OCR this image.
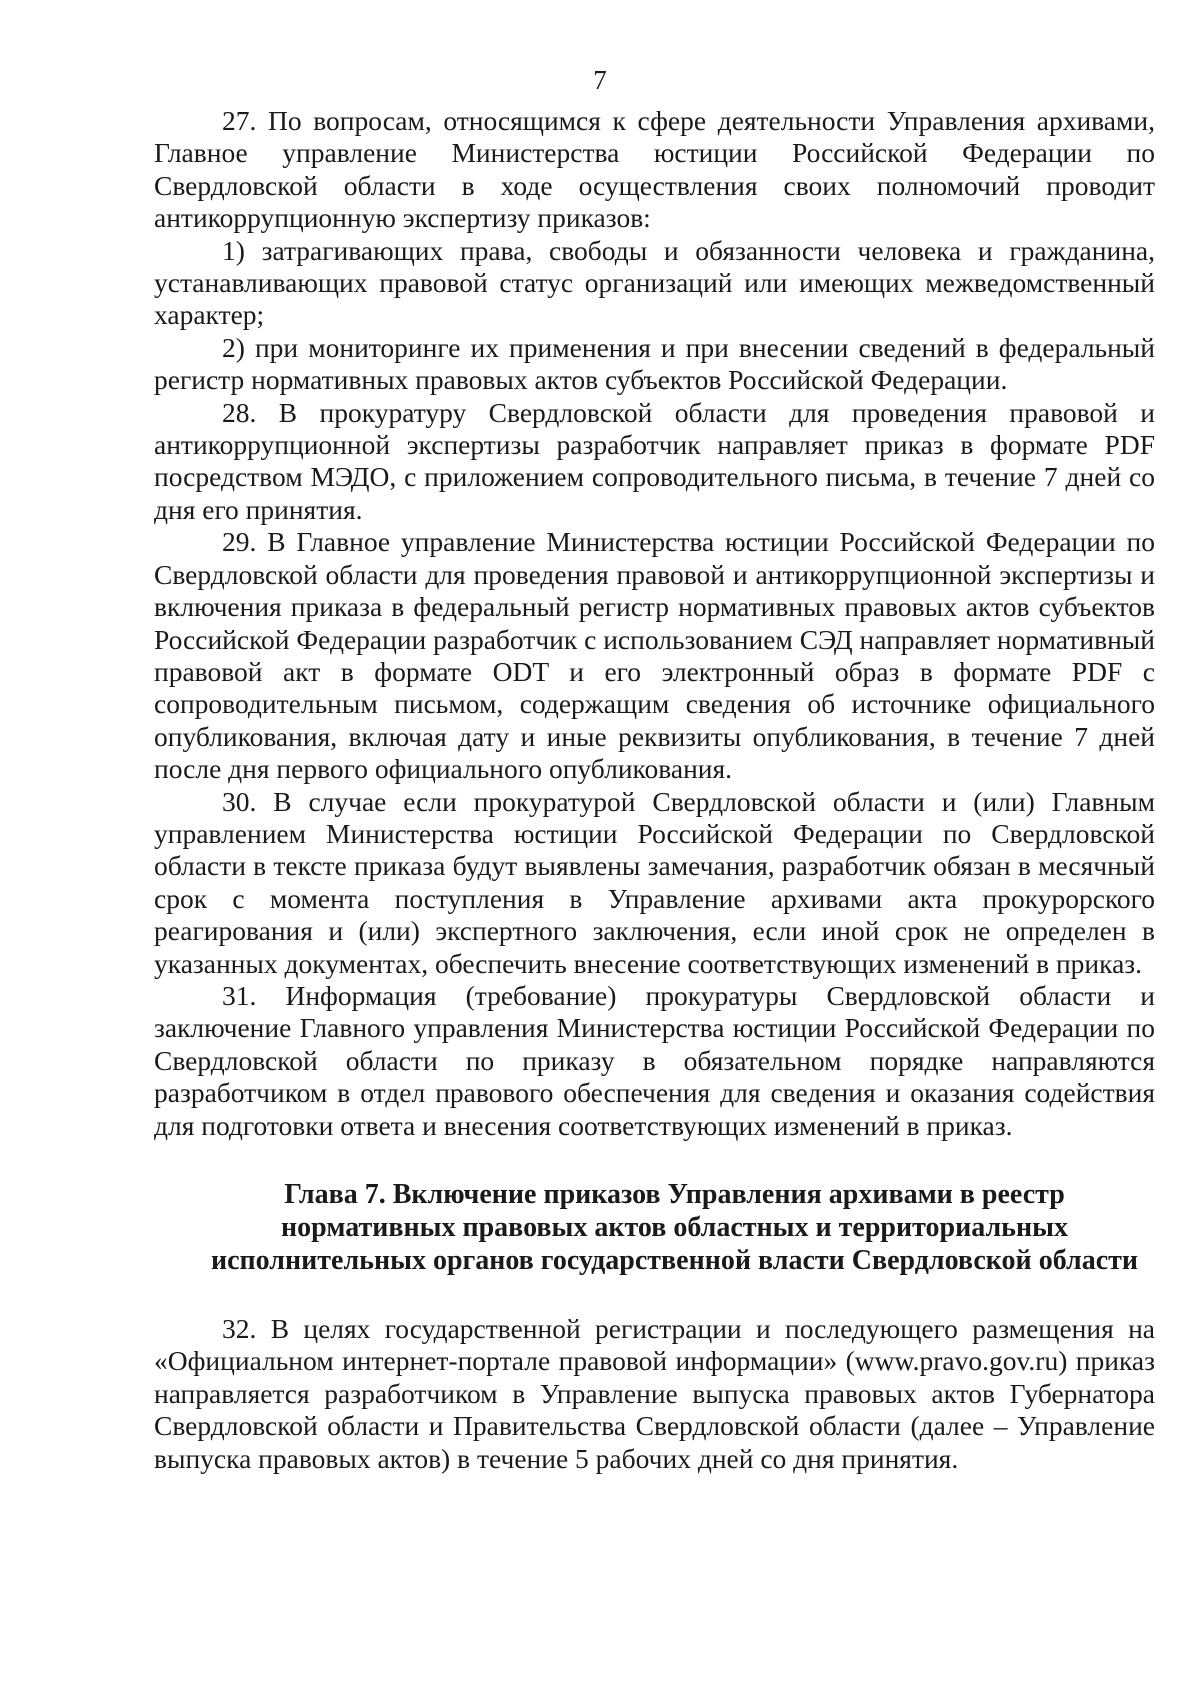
7

27. По вопросам, относящимся к сфере деятельности Управления архивами, Главное управление Министерства юстиции Российской Федерации по Свердловской области в ходе осуществления своих полномочий проводит антикоррупционную экспертизу приказов:

1) затрагивающих права, свободы и обязанности человека и гражданина, устанавливающих правовой статус организаций или имеющих межведомственный характер;

2) при мониторинге их применения и при внесении сведений в федеральный регистр нормативных правовых актов субъектов Российской Федерации.

28. В прокуратуру Свердловской области для проведения правовой и антикоррупционной экспертизы разработчик направляет приказ в формате PDF посредством МЭДО, с приложением сопроводительного письма, в течение 7 дней со дня его принятия.

29. В Главное управление Министерства юстиции Российской Федерации по Свердловской области для проведения правовой и антикоррупционной экспертизы и включения приказа в федеральный регистр нормативных правовых актов субъектов Российской Федерации разработчик с использованием СЭД направляет нормативный правовой акт в формате ODT и его электронный образ в формате PDF с сопроводительным письмом, содержащим сведения об источнике официального опубликования, включая дату и иные реквизиты опубликования, в течение 7 дней после дня первого официального опубликования.

30. В случае если прокуратурой Свердловской области и (или) Главным управлением Министерства юстиции Российской Федерации по Свердловской области в тексте приказа будут выявлены замечания, разработчик обязан в месячный срок с момента поступления в Управление архивами акта прокурорского реагирования и (или) экспертного заключения, если иной срок не определен в указанных документах, обеспечить внесение соответствующих изменений в приказ.

31. Информация (требование) прокуратуры Свердловской области и заключение Главного управления Министерства юстиции Российской Федерации по Свердловской области по приказу в обязательном порядке направляются разработчиком в отдел правового обеспечения для сведения и оказания содействия для подготовки ответа и внесения соответствующих изменений в приказ.

Глава 7. Включение приказов Управления архивами в реестр
нормативных правовых актов областных и территориальных
исполнительных органов государственной власти Свердловской области

32. В целях государственной регистрации и последующего размещения на «Официальном интернет-портале правовой информации» (www.pravo.gov.ru) приказ направляется разработчиком в Управление выпуска правовых актов Губернатора Свердловской области и Правительства Свердловской области (далее – Управление выпуска правовых актов) в течение 5 рабочих дней со дня принятия.
